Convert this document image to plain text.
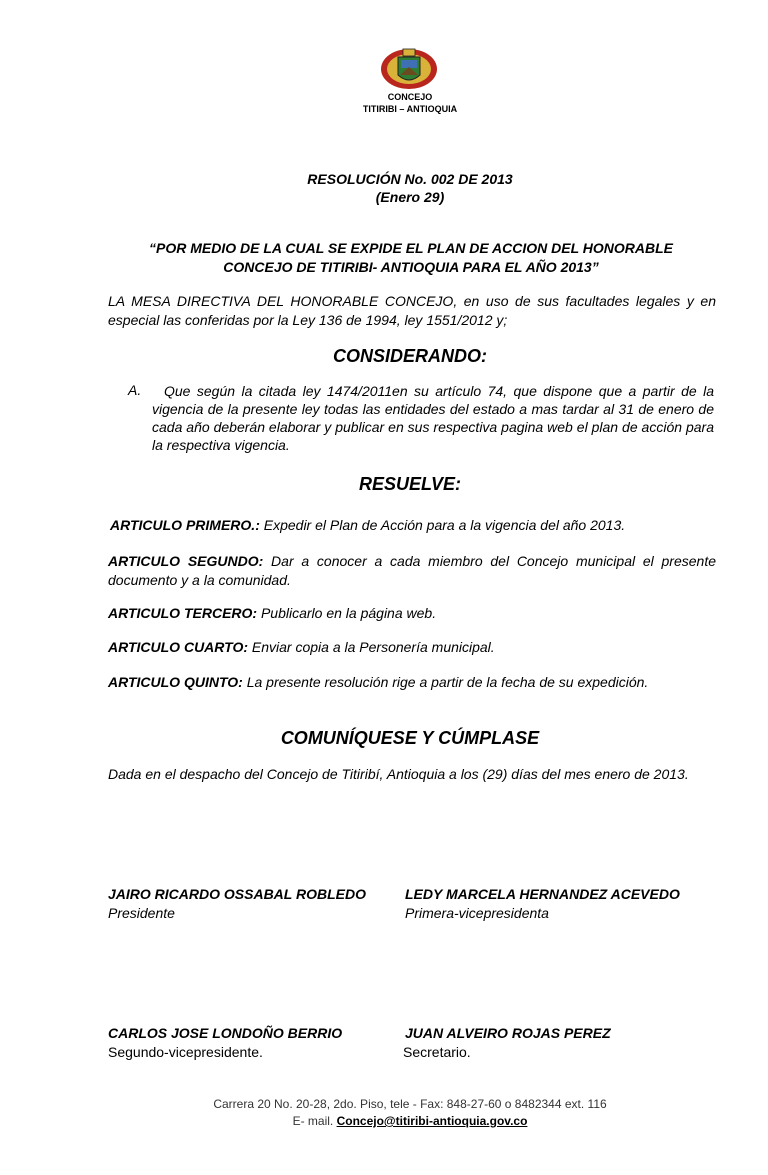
CONCEJO
TITIRIBI – ANTIOQUIA
RESOLUCIÓN No. 002 DE 2013
(Enero 29)
“POR MEDIO DE LA CUAL SE EXPIDE EL PLAN DE ACCION DEL HONORABLE
CONCEJO DE TITIRIBI- ANTIOQUIA PARA EL AÑO 2013”
LA MESA DIRECTIVA DEL HONORABLE CONCEJO, en uso de sus facultades legales y en especial las conferidas por la Ley 136 de 1994, ley 1551/2012 y;
CONSIDERANDO:
A.	Que según la citada ley 1474/2011en su artículo 74, que dispone que a partir de la vigencia de la presente ley todas las entidades del estado a mas tardar al 31 de enero de cada año deberán elaborar y publicar en sus respectiva pagina web el plan de acción para la respectiva vigencia.
RESUELVE:
ARTICULO PRIMERO.: Expedir el Plan de Acción para a la vigencia del año 2013.
ARTICULO SEGUNDO: Dar a conocer a cada miembro del Concejo municipal el presente documento y a la comunidad.
ARTICULO TERCERO: Publicarlo en la página web.
ARTICULO CUARTO: Enviar copia a la Personería municipal.
ARTICULO QUINTO: La presente resolución rige a partir de la fecha de su expedición.
COMUNÍQUESE Y CÚMPLASE
Dada en el despacho del Concejo de Titiribí, Antioquia a los (29) días del mes enero de 2013.
JAIRO RICARDO OSSABAL ROBLEDO
Presidente
LEDY MARCELA HERNANDEZ ACEVEDO
Primera-vicepresidenta
CARLOS JOSE LONDOÑO BERRIO
Segundo-vicepresidente.
JUAN ALVEIRO ROJAS PEREZ
Secretario.
Carrera 20 No. 20-28, 2do. Piso, tele - Fax: 848-27-60 o 8482344 ext. 116
E- mail. Concejo@titiribi-antioquia.gov.co
